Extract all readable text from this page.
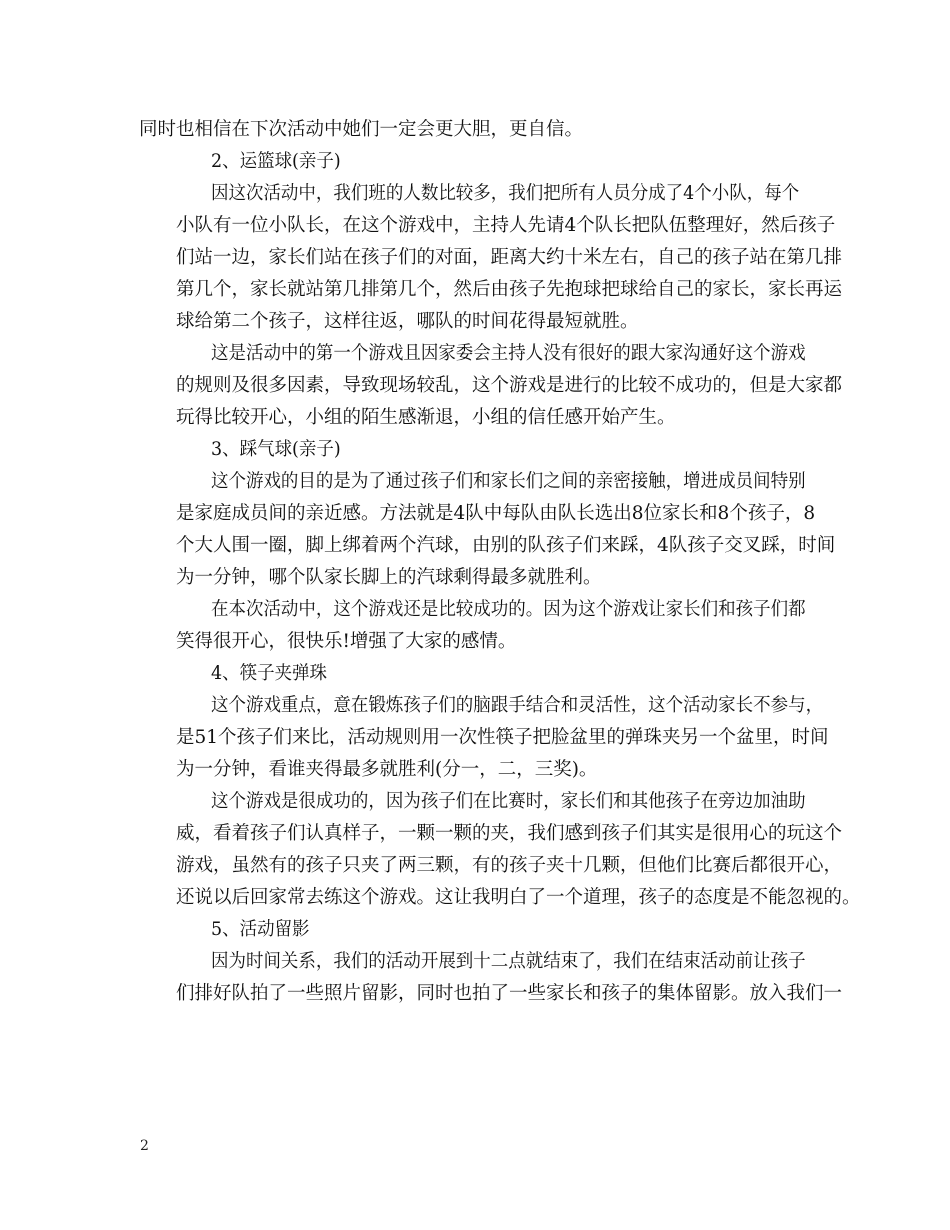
同时也相信在下次活动中她们一定会更大胆，更自信。
2、运篮球(亲子)

因这次活动中，我们班的人数比较多，我们把所有人员分成了4个小队，每个

小队有一位小队长，在这个游戏中，主持人先请4个队长把队伍整理好，然后孩子
们站一边，家长们站在孩子们的对面，距离大约十米左右，自己的孩子站在第几排
第几个，家长就站第几排第几个，然后由孩子先抱球把球给自己的家长，家长再运
球给第二个孩子，这样往返，哪队的时间花得最短就胜。
这是活动中的第一个游戏且因家委会主持人没有很好的跟大家沟通好这个游戏

的规则及很多因素，导致现场较乱，这个游戏是进行的比较不成功的，但是大家都
玩得比较开心，小组的陌生感渐退，小组的信任感开始产生。
3、踩气球(亲子)

这个游戏的目的是为了通过孩子们和家长们之间的亲密接触，增进成员间特别

是家庭成员间的亲近感。方法就是4队中每队由队长选出8位家长和8个孩子，8
个大人围一圈，脚上绑着两个汽球，由别的队孩子们来踩，4队孩子交叉踩，时间
为一分钟，哪个队家长脚上的汽球剩得最多就胜利。
在本次活动中，这个游戏还是比较成功的。因为这个游戏让家长们和孩子们都

笑得很开心，很快乐!增强了大家的感情。
4、筷子夹弹珠

这个游戏重点，意在锻炼孩子们的脑跟手结合和灵活性，这个活动家长不参与，

是51个孩子们来比，活动规则用一次性筷子把脸盆里的弹珠夹另一个盆里，时间
为一分钟，看谁夹得最多就胜利(分一，二，三奖)。
这个游戏是很成功的，因为孩子们在比赛时，家长们和其他孩子在旁边加油助

威，看着孩子们认真样子，一颗一颗的夹，我们感到孩子们其实是很用心的玩这个
游戏，虽然有的孩子只夹了两三颗，有的孩子夹十几颗，但他们比赛后都很开心，
还说以后回家常去练这个游戏。这让我明白了一个道理，孩子的态度是不能忽视的。
5、活动留影

因为时间关系，我们的活动开展到十二点就结束了，我们在结束活动前让孩子

们排好队拍了一些照片留影，同时也拍了一些家长和孩子的集体留影。放入我们一
2
